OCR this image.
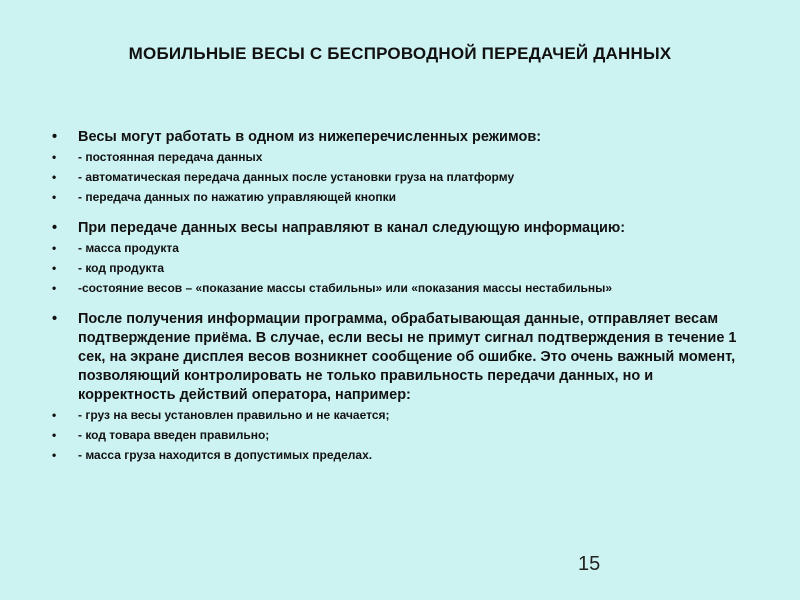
МОБИЛЬНЫЕ ВЕСЫ С БЕСПРОВОДНОЙ ПЕРЕДАЧЕЙ ДАННЫХ
• Весы могут работать в одном из нижеперечисленных режимов:
• - постоянная передача данных
• - автоматическая передача данных после установки груза на платформу
• - передача данных по нажатию управляющей кнопки
• При передаче данных весы направляют в канал следующую информацию:
• - масса продукта
• - код продукта
• -состояние весов – «показание массы стабильны» или «показания массы нестабильны»
• После получения информации программа, обрабатывающая данные, отправляет весам подтверждение приёма. В случае, если весы не примут сигнал подтверждения в течение 1 сек, на экране дисплея весов возникнет сообщение об ошибке. Это очень важный момент, позволяющий контролировать не только правильность передачи данных, но и корректность действий оператора, например:
• - груз на весы установлен правильно и не качается;
• - код товара введен правильно;
• - масса груза находится в допустимых пределах.
15
